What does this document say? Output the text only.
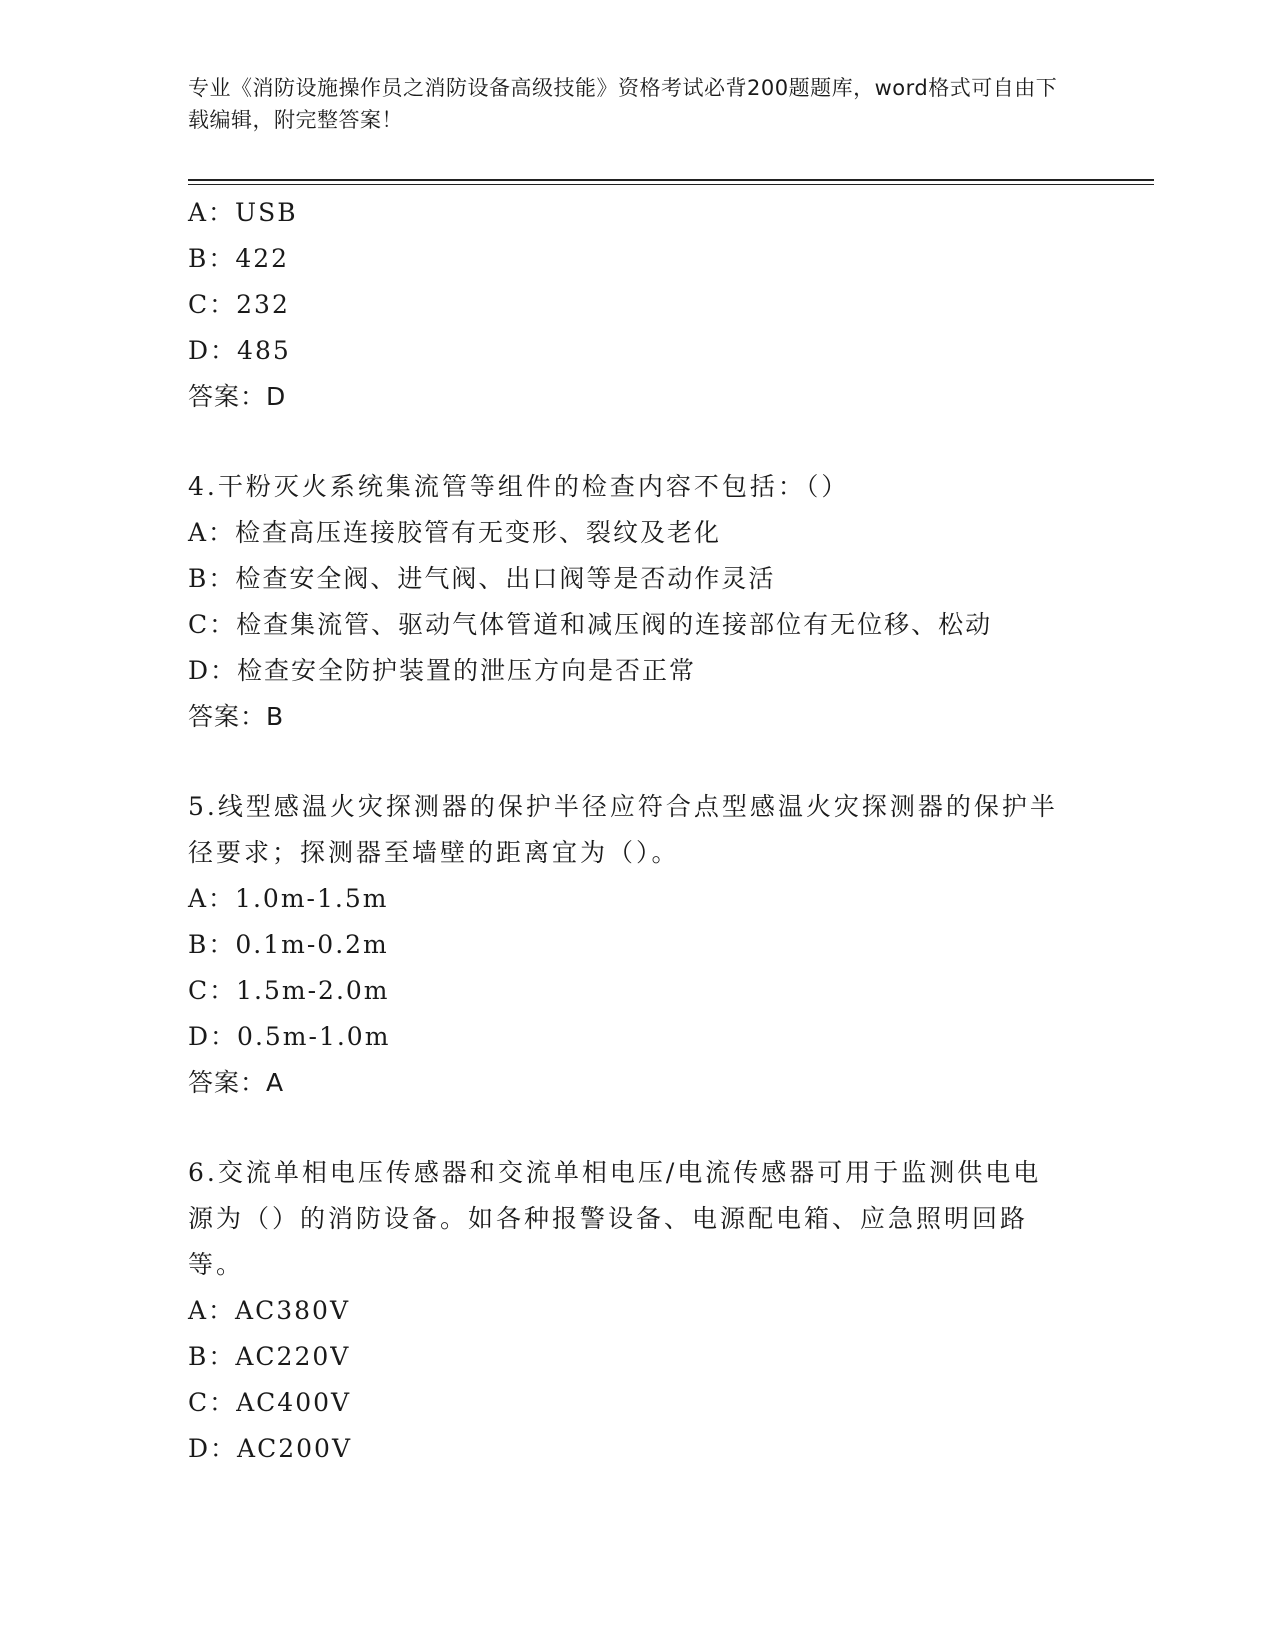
专业《消防设施操作员之消防设备高级技能》资格考试必背200题题库，word格式可自由下载编辑，附完整答案！
A：USB
B：422
C：232
D：485
答案：D
4.干粉灭火系统集流管等组件的检查内容不包括：（）
A：检查高压连接胶管有无变形、裂纹及老化
B：检查安全阀、进气阀、出口阀等是否动作灵活
C：检查集流管、驱动气体管道和减压阀的连接部位有无位移、松动
D：检查安全防护装置的泄压方向是否正常
答案：B
5.线型感温火灾探测器的保护半径应符合点型感温火灾探测器的保护半径要求；探测器至墙壁的距离宜为（）。
A：1.0m-1.5m
B：0.1m-0.2m
C：1.5m-2.0m
D：0.5m-1.0m
答案：A
6.交流单相电压传感器和交流单相电压/电流传感器可用于监测供电电源为（）的消防设备。如各种报警设备、电源配电箱、应急照明回路等。
A：AC380V
B：AC220V
C：AC400V
D：AC200V
